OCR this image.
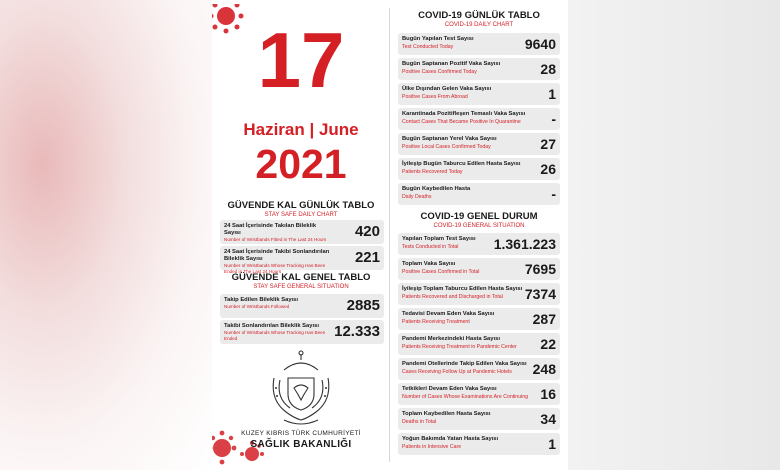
17
Haziran | June
2021
GÜVENDE KAL GÜNLÜK TABLO
STAY SAFE DAILY CHART
24 Saat İçerisinde Takılan Bileklik Sayısı
Number of Wristbands Fitted in The Last 24 Hours	420
24 Saat İçerisinde Takibi Sonlandırılan Bileklik Sayısı
Number of Wristbands Whose Tracking Has Been Ended in The Last 24 Hours
221
GÜVENDE KAL GENEL TABLO
STAY SAFE GENERAL SITUATION
Takip Edilen Bileklik Sayısı
Number of Wristbands Followed	2885
Takibi Sonlandırılan Bileklik Sayısı
Number of Wristbands Whose Tracking Has Been Ended	12.333
KUZEY KIBRIS TÜRK CUMHURİYETİ
SAĞLIK BAKANLIĞI
COVID-19 GÜNLÜK TABLO
COVID-19 DAILY CHART
Bugün Yapılan Test Sayısı
Test Conducted Today	9640
Bugün Saptanan Pozitif Vaka Sayısı
Positive Cases Confirmed Today	28
Ülke Dışından Gelen Vaka Sayısı
Positive Cases From Abroad	1
Karantinada Pozitifleşen Temaslı Vaka Sayısı
Contact Cases That Became Positive In Quarantine -
Bugün Saptanan Yerel Vaka Sayısı
Positive Local Cases Confirmed Today	27
İyileşip Bugün Taburcu Edilen Hasta Sayısı
Patients Recovered Today	26
Bugün Kaybedilen Hasta
Daily Deaths	-
COVID-19 GENEL DURUM
COVID-19 GENERAL SITUATION
Yapılan Toplam Test Sayısı
Tests Conducted in Total	1.361.223
Toplam Vaka Sayısı
Positive Cases Confirmed in Total	7695
İyileşip Toplam Taburcu Edilen Hasta Sayısı
Patients Recovered and Discharged in Total	7374
Tedavisi Devam Eden Vaka Sayısı
Patients Receiving Treatment	287
Pandemi Merkezindeki Hasta Sayısı
Patients Receiving Treatment in Pandemic Center 22
Pandemi Otellerinde Takip Edilen Vaka Sayısı
Cases Receiving Follow Up at Pandemic Hotels 248
Tetkikleri Devam Eden Vaka Sayısı
Number of Cases Whose Examinations Are Continuing 16
Toplam Kaybedilen Hasta Sayısı
Deaths in Total	34
Yoğun Bakımda Yatan Hasta Sayısı
Patients in Intensive Care	1
